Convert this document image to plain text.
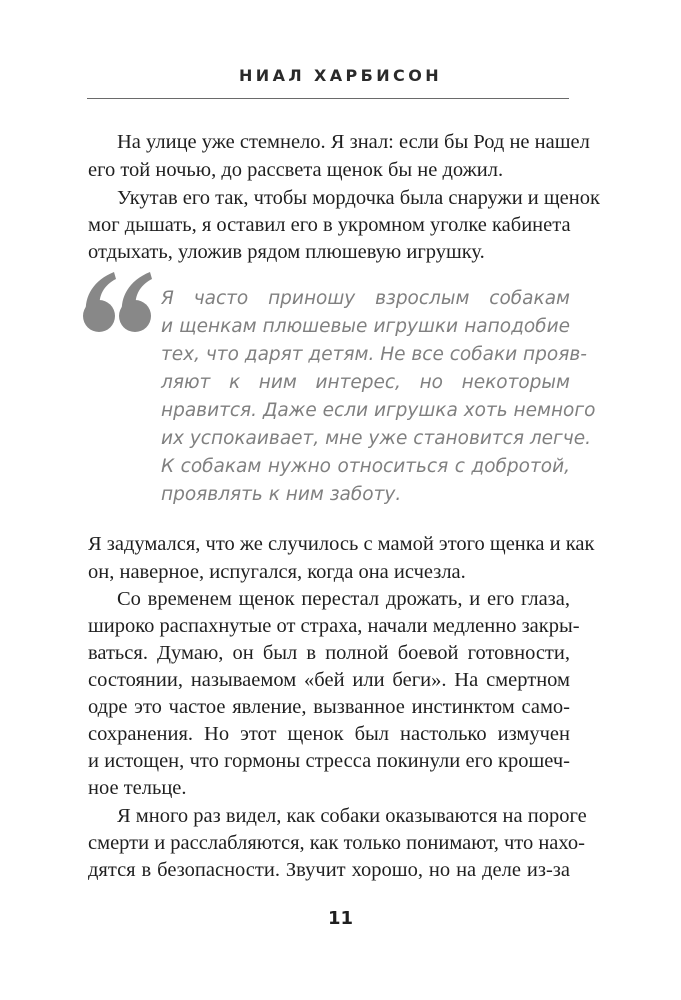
НИАЛ ХАРБИСОН
На улице уже стемнело. Я знал: если бы Род не нашел
его той ночью, до рассвета щенок бы не дожил.
Укутав его так, чтобы мордочка была снаружи и щенок
мог дышать, я оставил его в укромном уголке кабинета
отдыхать, уложив рядом плюшевую игрушку.
Я часто приношу взрослым собакам
и щенкам плюшевые игрушки наподобие
тех, что дарят детям. Не все собаки прояв-
ляют к ним интерес, но некоторым
нравится. Даже если игрушка хоть немного
их успокаивает, мне уже становится легче.
К собакам нужно относиться с добротой,
проявлять к ним заботу.
Я задумался, что же случилось с мамой этого щенка и как
он, наверное, испугался, когда она исчезла.
Со временем щенок перестал дрожать, и его глаза,
широко распахнутые от страха, начали медленно закры-
ваться. Думаю, он был в полной боевой готовности,
состоянии, называемом «бей или беги». На смертном
одре это частое явление, вызванное инстинктом само-
сохранения. Но этот щенок был настолько измучен
и истощен, что гормоны стресса покинули его крошеч-
ное тельце.
Я много раз видел, как собаки оказываются на пороге
смерти и расслабляются, как только понимают, что нахо-
дятся в безопасности. Звучит хорошо, но на деле из-за
11
